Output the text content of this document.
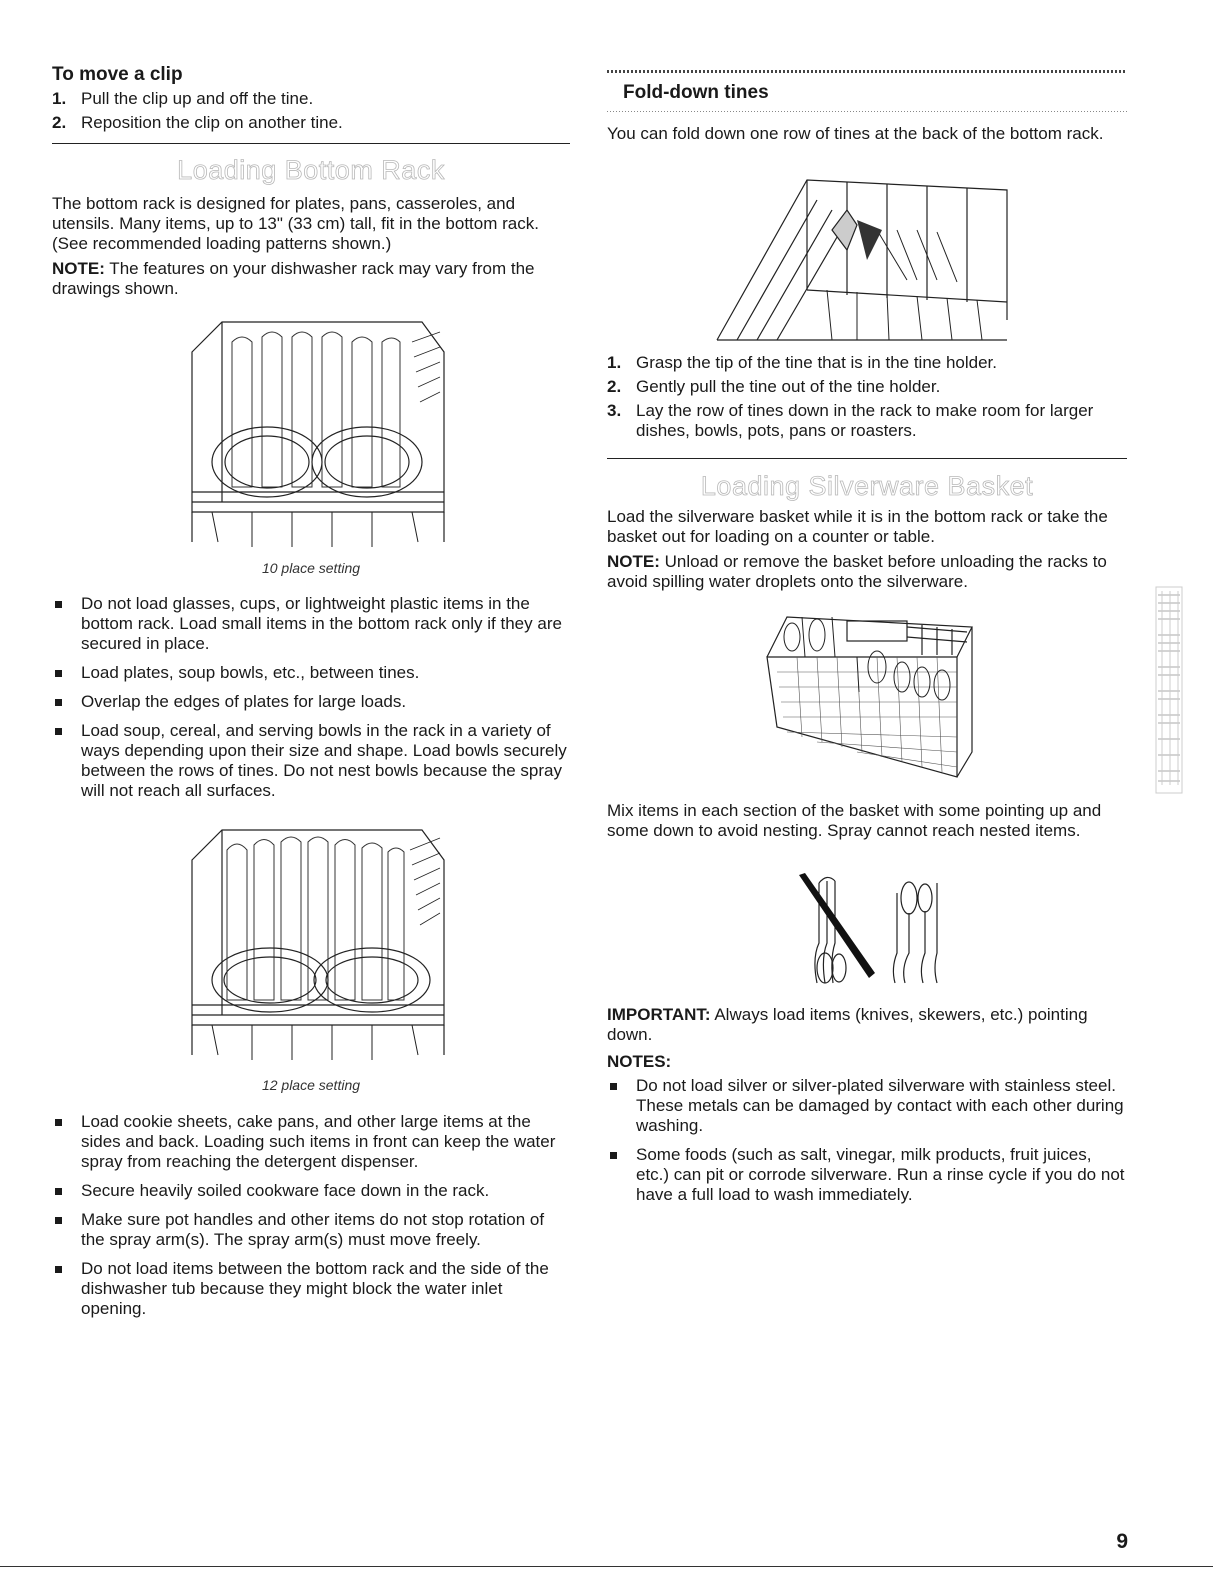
To move a clip
1. Pull the clip up and off the tine.
2. Reposition the clip on another tine.
Loading Bottom Rack

The bottom rack is designed for plates, pans, casseroles, and utensils. Many items, up to 13" (33 cm) tall, fit in the bottom rack. (See recommended loading patterns shown.)

NOTE: The features on your dishwasher rack may vary from the drawings shown.

10 place setting
Do not load glasses, cups, or lightweight plastic items in the bottom rack. Load small items in the bottom rack only if they are secured in place.
Load plates, soup bowls, etc., between tines.
Overlap the edges of plates for large loads.
Load soup, cereal, and serving bowls in the rack in a variety of ways depending upon their size and shape. Load bowls securely between the rows of tines. Do not nest bowls because the spray will not reach all surfaces.
12 place setting
Load cookie sheets, cake pans, and other large items at the sides and back. Loading such items in front can keep the water spray from reaching the detergent dispenser.
Secure heavily soiled cookware face down in the rack.
Make sure pot handles and other items do not stop rotation of the spray arm(s). The spray arm(s) must move freely.
Do not load items between the bottom rack and the side of the dishwasher tub because they might block the water inlet opening.
Fold-down tines

You can fold down one row of tines at the back of the bottom rack.

1. Grasp the tip of the tine that is in the tine holder.
2. Gently pull the tine out of the tine holder.
3. Lay the row of tines down in the rack to make room for larger dishes, bowls, pots, pans or roasters.
Loading Silverware Basket

Load the silverware basket while it is in the bottom rack or take the basket out for loading on a counter or table.

NOTE: Unload or remove the basket before unloading the racks to avoid spilling water droplets onto the silverware.

Mix items in each section of the basket with some pointing up and some down to avoid nesting. Spray cannot reach nested items.

IMPORTANT: Always load items (knives, skewers, etc.) pointing down.

NOTES:

Do not load silver or silver-plated silverware with stainless steel. These metals can be damaged by contact with each other during washing.
Some foods (such as salt, vinegar, milk products, fruit juices, etc.) can pit or corrode silverware. Run a rinse cycle if you do not have a full load to wash immediately.
9
